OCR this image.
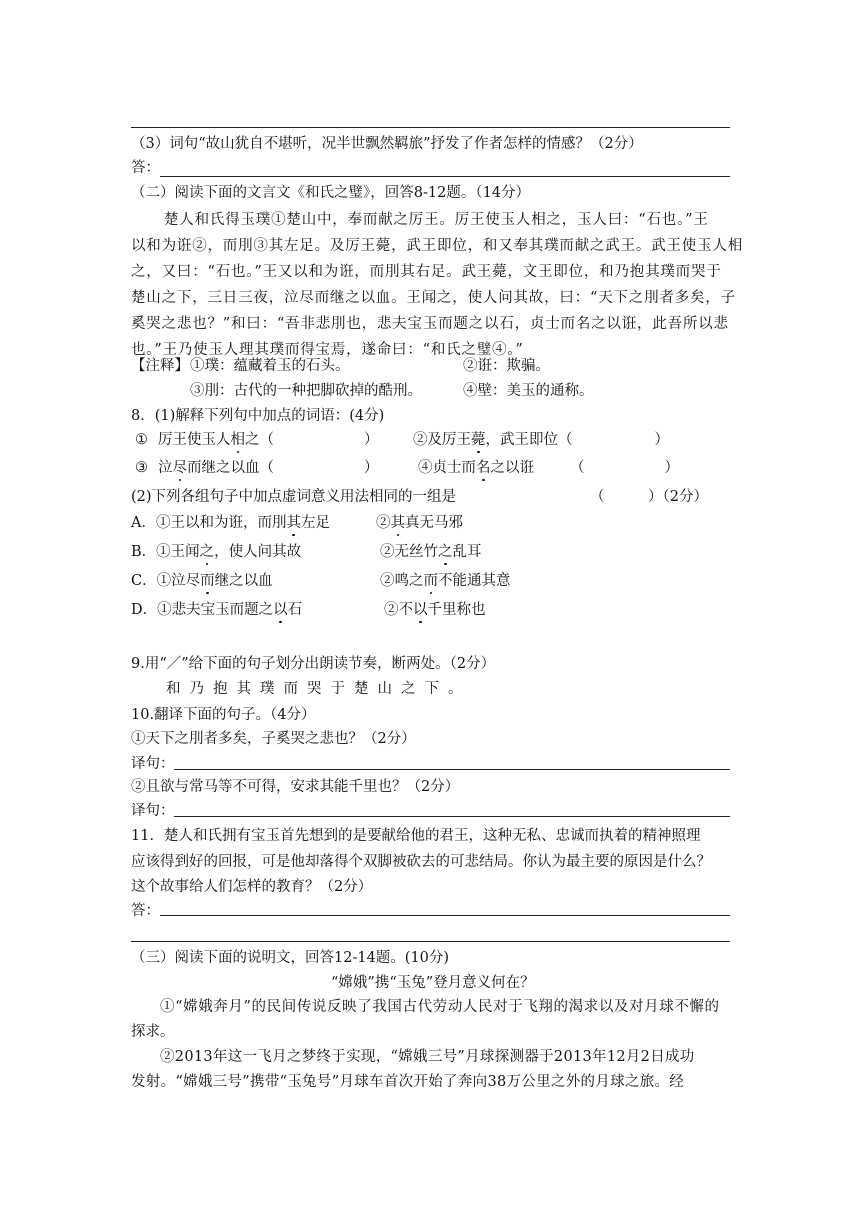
（3）词句“故山犹自不堪听，况半世飘然羁旅”抒发了作者怎样的情感？（2分）
答：
（二）阅读下面的文言文《和氏之璧》，回答8-12题。（14分）
楚人和氏得玉璞①楚山中，奉而献之厉王。厉王使玉人相之，玉人曰：“石也。”王
以和为诳②，而刖③其左足。及厉王薨，武王即位，和又奉其璞而献之武王。武王使玉人相
之，又曰：“石也。”王又以和为诳，而刖其右足。武王薨，文王即位，和乃抱其璞而哭于
楚山之下，三日三夜，泣尽而继之以血。王闻之，使人问其故，曰：“天下之刖者多矣，子
奚哭之悲也？”和曰：“吾非悲刖也，悲夫宝玉而题之以石，贞士而名之以诳，此吾所以悲
也。”王乃使玉人理其璞而得宝焉，遂命曰：“和氏之璧④。”
【注释】 ①璞：蕴藏着玉的石头。	②诳：欺骗。
③刖：古代的一种把脚砍掉的酷刑。	④壁：美玉的通称。
8．(1)解释下列句中加点的词语：(4分)
① 厉王使玉人相之（	） ②及厉王薨，武王即位（	）
③ 泣尽而继之以血（	）	④贞士而名之以诳 （	）
(2)下列各组句子中加点虚词意义用法相同的一组是	（　　　）（2分）
A．①王以和为诳，而刖其左足	②其真无马邪
B．①王闻之，使人问其故	②无丝竹之乱耳
C．①泣尽而继之以血	②鸣之而不能通其意
D．①悲夫宝玉而题之以石	②不以千里称也
9.用“／”给下面的句子划分出朗读节奏，断两处。（2分）
和乃抱其璞而哭于楚山之下。
10.翻译下面的句子。（4分）
①天下之刖者多矣，子奚哭之悲也？（2分）
译句：
②且欲与常马等不可得，安求其能千里也？（2分）
译句：
11．楚人和氏拥有宝玉首先想到的是要献给他的君王，这种无私、忠诚而执着的精神照理
应该得到好的回报，可是他却落得个双脚被砍去的可悲结局。你认为最主要的原因是什么？
这个故事给人们怎样的教育？（2分）
答：
（三）阅读下面的说明文，回答12-14题。(10分)
“嫦娥”携“玉兔”登月意义何在？
①“嫦娥奔月”的民间传说反映了我国古代劳动人民对于飞翔的渴求以及对月球不懈的
探求。
②2013年这一飞月之梦终于实现，“嫦娥三号”月球探测器于2013年12月2日成功
发射。“嫦娥三号”携带“玉兔号”月球车首次开始了奔向38万公里之外的月球之旅。经
